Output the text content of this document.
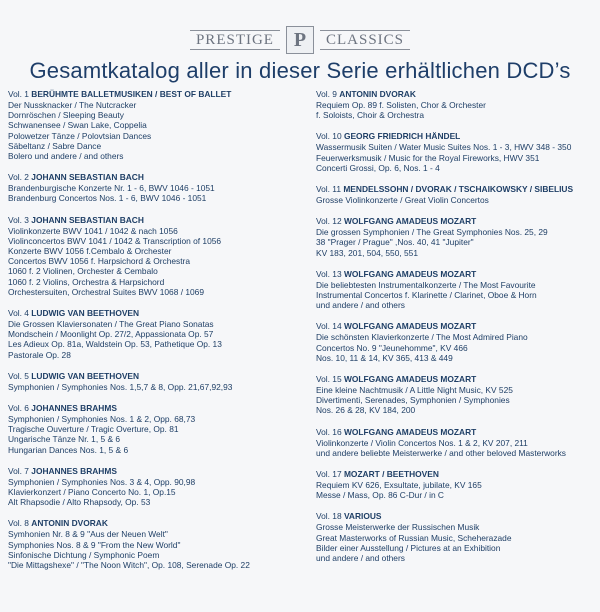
PRESTIGE P	CLASSICS
Gesamtkatalog aller in dieser Serie erhältlichen DCD’s
Vol. 1 BERÜHMTE BALLETMUSIKEN / BEST OF BALLET
Der Nussknacker / The Nutcracker
Dornröschen / Sleeping Beauty
Schwanensee / Swan Lake, Coppelia
Polowetzer Tänze / Polovtsian Dances
Säbeltanz / Sabre Dance
Bolero und andere / and others
Vol. 2 JOHANN SEBASTIAN BACH
Brandenburgische Konzerte Nr. 1 - 6, BWV 1046 - 1051
Brandenburg Concertos Nos. 1 - 6, BWV 1046 - 1051
Vol. 3 JOHANN SEBASTIAN BACH
Violinkonzerte BWV 1041 / 1042 & nach 1056
Violinconcertos BWV 1041 / 1042 & Transcription of 1056
Konzerte BWV 1056 f.Cembalo & Orchester
Concertos BWV 1056 f. Harpsichord & Orchestra
1060 f. 2 Violinen, Orchester & Cembalo
1060 f. 2 Violins, Orchestra & Harpsichord
Orchestersuiten, Orchestral Suites BWV 1068 / 1069
Vol. 4 LUDWIG VAN BEETHOVEN
Die Grossen Klaviersonaten / The Great Piano Sonatas
Mondschein / Moonlight Op. 27/2, Appassionata Op. 57
Les Adieux Op. 81a, Waldstein Op. 53, Pathetique Op. 13
Pastorale Op. 28
Vol. 5 LUDWIG VAN BEETHOVEN
Symphonien / Symphonies Nos. 1,5,7 & 8, Opp. 21,67,92,93
Vol. 6 JOHANNES BRAHMS
Symphonien / Symphonies Nos. 1 & 2, Opp. 68,73
Tragische Ouverture / Tragic Overture, Op. 81
Ungarische Tänze Nr. 1, 5 & 6
Hungarian Dances Nos. 1, 5 & 6
Vol. 7 JOHANNES BRAHMS
Symphonien / Symphonies Nos. 3 & 4, Opp. 90,98
Klavierkonzert / Piano Concerto No. 1, Op.15
Alt Rhapsodie / Alto Rhapsody, Op. 53
Vol. 8 ANTONIN DVORAK
Symhonien Nr. 8 & 9 "Aus der Neuen Welt"
Symphonies Nos. 8 & 9 "From the New World"
Sinfonische Dichtung / Symphonic Poem
"Die Mittagshexe" / "The Noon Witch", Op. 108, Serenade Op. 22
Vol. 9 ANTONIN DVORAK
Requiem Op. 89 f. Solisten, Chor & Orchester
f. Soloists, Choir & Orchestra
Vol. 10 GEORG FRIEDRICH HÄNDEL
Wassermusik Suiten / Water Music Suites Nos. 1 - 3, HWV 348 - 350
Feuerwerksmusik / Music for the Royal Fireworks, HWV 351
Concerti Grossi, Op. 6, Nos. 1 - 4
Vol. 11 MENDELSSOHN / DVORAK / TSCHAIKOWSKY / SIBELIUS
Grosse Violinkonzerte / Great Violin Concertos
Vol. 12 WOLFGANG AMADEUS MOZART
Die grossen Symphonien / The Great Symphonies Nos. 25, 29
38 "Prager / Prague" ,Nos. 40, 41 "Jupiter"
KV 183, 201, 504, 550, 551
Vol. 13 WOLFGANG AMADEUS MOZART
Die beliebtesten Instrumentalkonzerte / The Most Favourite
Instrumental Concertos f. Klarinette / Clarinet, Oboe & Horn
und andere / and others
Vol. 14 WOLFGANG AMADEUS MOZART
Die schönsten Klavierkonzerte / The Most Admired Piano
Concertos No. 9 "Jeunehomme", KV 466
Nos. 10, 11 & 14, KV 365, 413 & 449
Vol. 15 WOLFGANG AMADEUS MOZART
Eine kleine Nachtmusik / A Little Night Music, KV 525
Divertimenti, Serenades, Symphonien / Symphonies
Nos. 26 & 28, KV 184, 200
Vol. 16 WOLFGANG AMADEUS MOZART
Violinkonzerte / Violin Concertos Nos. 1 & 2, KV 207, 211
und andere beliebte Meisterwerke / and other beloved Masterworks
Vol. 17 MOZART / BEETHOVEN
Requiem KV 626, Exsultate, jubilate, KV 165
Messe / Mass, Op. 86 C-Dur / in C
Vol. 18 VARIOUS
Grosse Meisterwerke der Russischen Musik
Great Masterworks of Russian Music, Scheherazade
Bilder einer Ausstellung / Pictures at an Exhibition
und andere / and others
